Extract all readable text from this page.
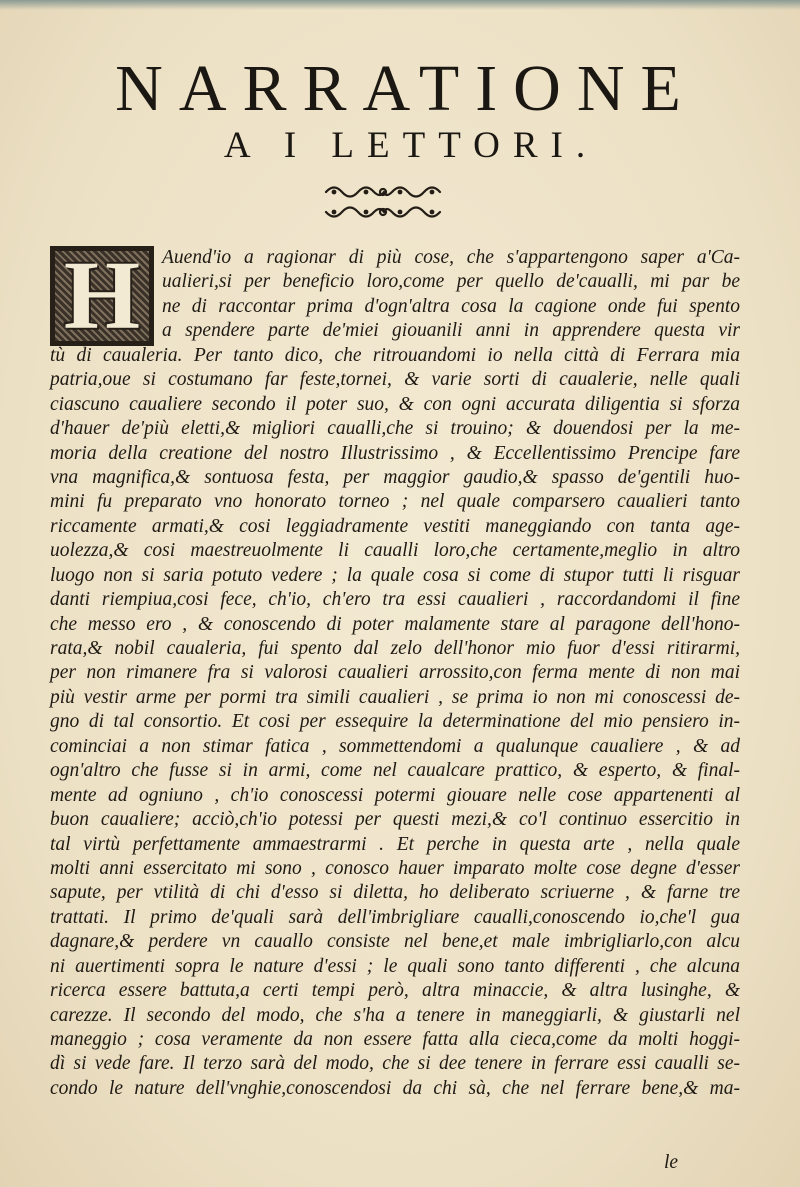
NARRATIONE
A I LETTORI.
H	Auend'io a ragionar di più cose, che s'appartengono saper a'Ca-
ualieri,si per beneficio loro,come per quello de'caualli, mi par be
ne di raccontar prima d'ogn'altra cosa la cagione onde fui spento
a spendere parte de'miei giouanili anni in apprendere questa vir
tù di caualeria. Per tanto dico, che ritrouandomi io nella città di Ferrara mia
patria,oue si costumano far feste,tornei, & varie sorti di caualerie, nelle quali
ciascuno caualiere secondo il poter suo, & con ogni accurata diligentia si sforza
d'hauer de'più eletti,& migliori caualli,che si trouino; & douendosi per la me-
moria della creatione del nostro Illustrissimo , & Eccellentissimo Prencipe fare
vna magnifica,& sontuosa festa, per maggior gaudio,& spasso de'gentili huo-
mini fu preparato vno honorato torneo ; nel quale comparsero caualieri tanto
riccamente armati,& cosi leggiadramente vestiti maneggiando con tanta age-
uolezza,& cosi maestreuolmente li caualli loro,che certamente,meglio in altro
luogo non si saria potuto vedere ; la quale cosa si come di stupor tutti li risguar
danti riempiua,cosi fece, ch'io, ch'ero tra essi caualieri , raccordandomi il fine
che messo ero , & conoscendo di poter malamente stare al paragone dell'hono-
rata,& nobil caualeria, fui spento dal zelo dell'honor mio fuor d'essi ritirarmi,
per non rimanere fra si valorosi caualieri arrossito,con ferma mente di non mai
più vestir arme per pormi tra simili caualieri , se prima io non mi conoscessi de-
gno di tal consortio. Et cosi per essequire la determinatione del mio pensiero in-
cominciai a non stimar fatica , sommettendomi a qualunque caualiere , & ad
ogn'altro che fusse si in armi, come nel caualcare prattico, & esperto, & final-
mente ad ogniuno , ch'io conoscessi potermi giouare nelle cose appartenenti al
buon caualiere; acciò,ch'io potessi per questi mezi,& co'l continuo essercitio in
tal virtù perfettamente ammaestrarmi . Et perche in questa arte , nella quale
molti anni essercitato mi sono , conosco hauer imparato molte cose degne d'esser
sapute, per vtilità di chi d'esso si diletta, ho deliberato scriuerne , & farne tre
trattati. Il primo de'quali sarà dell'imbrigliare caualli,conoscendo io,che'l gua
dagnare,& perdere vn cauallo consiste nel bene,et male imbrigliarlo,con alcu
ni auertimenti sopra le nature d'essi ; le quali sono tanto differenti , che alcuna
ricerca essere battuta,a certi tempi però, altra minaccie, & altra lusinghe, &
carezze. Il secondo del modo, che s'ha a tenere in maneggiarli, & giustarli nel
maneggio ; cosa veramente da non essere fatta alla cieca,come da molti hoggi-
dì si vede fare. Il terzo sarà del modo, che si dee tenere in ferrare essi caualli se-
condo le nature dell'vnghie,conoscendosi da chi sà, che nel ferrare bene,& ma-
le
